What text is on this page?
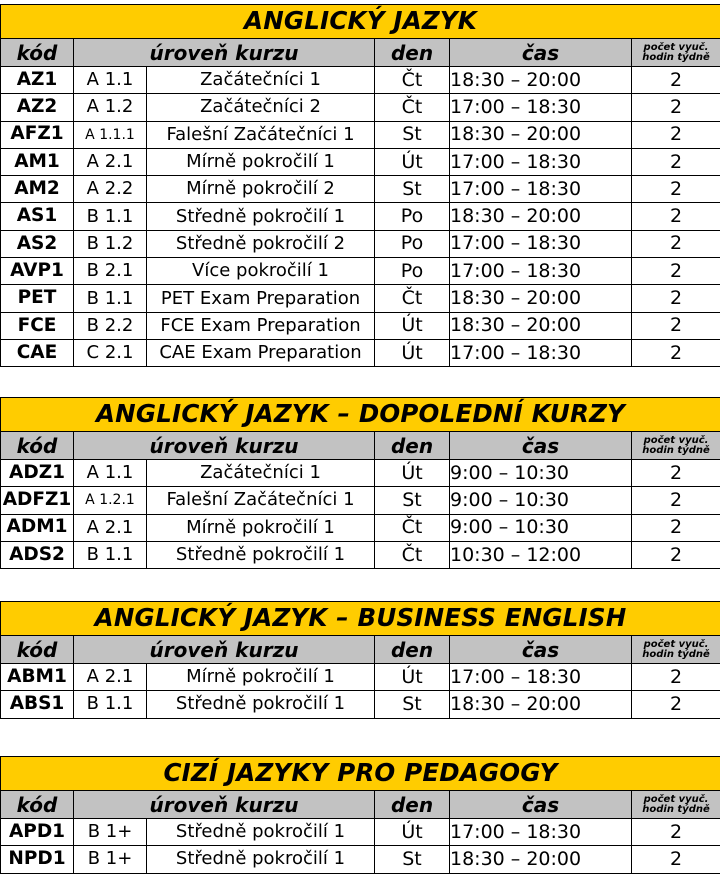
ANGLICKÝ JAZYK					
kód	úroveň kurzu		den	čas	počet vyuč.
hodin týdně
AZ1	A 1.1	Začátečníci 1	Čt	18:30 – 20:00	2
AZ2	A 1.2	Začátečníci 2	Čt	17:00 – 18:30	2
AFZ1	A 1.1.1	Falešní Začátečníci 1	St	18:30 – 20:00	2
AM1	A 2.1	Mírně pokročilí 1	Út	17:00 – 18:30	2
AM2	A 2.2	Mírně pokročilí 2	St	17:00 – 18:30	2
AS1	B 1.1	Středně pokročilí 1	Po	18:30 – 20:00	2
AS2	B 1.2	Středně pokročilí 2	Po	17:00 – 18:30	2
AVP1	B 2.1	Více pokročilí 1	Po	17:00 – 18:30	2
PET	B 1.1	PET Exam Preparation	Čt	18:30 – 20:00	2
FCE	B 2.2	FCE Exam Preparation	Út	18:30 – 20:00	2
CAE	C 2.1	CAE Exam Preparation	Út	17:00 – 18:30	2
ANGLICKÝ JAZYK – DOPOLEDNÍ KURZY					
kód	úroveň kurzu		den	čas	počet vyuč.
hodin týdně
ADZ1	A 1.1	Začátečníci 1	Út	9:00 – 10:30	2
ADFZ1	A 1.2.1	Falešní Začátečníci 1	St	9:00 – 10:30	2
ADM1	A 2.1	Mírně pokročilí 1	Čt	9:00 – 10:30	2
ADS2	B 1.1	Středně pokročilí 1	Čt	10:30 – 12:00	2
ANGLICKÝ JAZYK – BUSINESS ENGLISH					
kód	úroveň kurzu		den	čas	počet vyuč.
hodin týdně
ABM1	A 2.1	Mírně pokročilí 1	Út	17:00 – 18:30	2
ABS1	B 1.1	Středně pokročilí 1	St	18:30 – 20:00	2
CIZÍ JAZYKY PRO PEDAGOGY					
kód	úroveň kurzu		den	čas	počet vyuč.
hodin týdně
APD1	B 1+	Středně pokročilí 1	Út	17:00 – 18:30	2
NPD1	B 1+	Středně pokročilí 1	St	18:30 – 20:00	2
